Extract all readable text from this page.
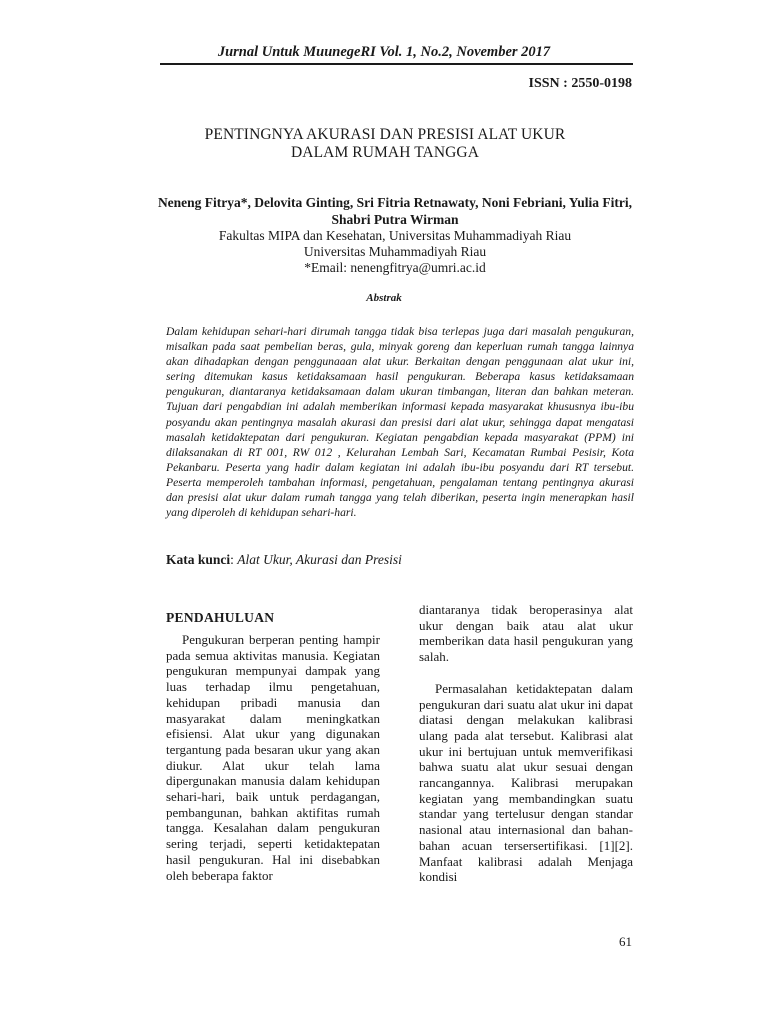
Jurnal Untuk MuunegeRI Vol. 1, No.2, November 2017
ISSN : 2550-0198
PENTINGNYA AKURASI DAN PRESISI ALAT UKUR
DALAM RUMAH TANGGA
Neneng Fitrya*, Delovita Ginting, Sri Fitria Retnawaty, Noni Febriani, Yulia Fitri, Shabri Putra Wirman
Fakultas MIPA dan Kesehatan, Universitas Muhammadiyah Riau
Universitas Muhammadiyah Riau
*Email: nenengfitrya@umri.ac.id
Abstrak
Dalam kehidupan sehari-hari dirumah tangga tidak bisa terlepas juga dari masalah pengukuran, misalkan pada saat pembelian beras, gula, minyak goreng dan keperluan rumah tangga lainnya akan dihadapkan dengan penggunaaan alat ukur. Berkaitan dengan penggunaan alat ukur ini, sering ditemukan kasus ketidaksamaan hasil pengukuran. Beberapa kasus ketidaksamaan pengukuran, diantaranya ketidaksamaan dalam ukuran timbangan, literan dan bahkan meteran. Tujuan dari pengabdian ini adalah memberikan informasi kepada masyarakat khususnya ibu-ibu posyandu akan pentingnya masalah akurasi dan presisi dari alat ukur, sehingga dapat mengatasi masalah ketidaktepatan dari pengukuran. Kegiatan pengabdian kepada masyarakat (PPM) ini dilaksanakan di RT 001, RW 012 , Kelurahan Lembah Sari, Kecamatan Rumbai Pesisir, Kota Pekanbaru. Peserta yang hadir dalam kegiatan ini adalah ibu-ibu posyandu dari RT tersebut. Peserta memperoleh tambahan informasi, pengetahuan, pengalaman tentang pentingnya akurasi dan presisi alat ukur dalam rumah tangga yang telah diberikan, peserta ingin menerapkan hasil yang diperoleh di kehidupan sehari-hari.
Kata kunci: Alat Ukur, Akurasi dan Presisi
PENDAHULUAN

Pengukuran berperan penting hampir pada semua aktivitas manusia. Kegiatan pengukuran mempunyai dampak yang luas terhadap ilmu pengetahuan, kehidupan pribadi manusia dan masyarakat dalam meningkatkan efisiensi. Alat ukur yang digunakan tergantung pada besaran ukur yang akan diukur. Alat ukur telah lama dipergunakan manusia dalam kehidupan sehari-hari, baik untuk perdagangan, pembangunan, bahkan aktifitas rumah tangga. Kesalahan dalam pengukuran sering terjadi, seperti ketidaktepatan hasil pengukuran. Hal ini disebabkan oleh beberapa faktor

diantaranya tidak beroperasinya alat ukur dengan baik atau alat ukur memberikan data hasil pengukuran yang salah.

Permasalahan ketidaktepatan dalam pengukuran dari suatu alat ukur ini dapat diatasi dengan melakukan kalibrasi ulang pada alat tersebut. Kalibrasi alat ukur ini bertujuan untuk memverifikasi bahwa suatu alat ukur sesuai dengan rancangannya. Kalibrasi merupakan kegiatan yang membandingkan suatu standar yang tertelusur dengan standar nasional atau internasional dan bahan-bahan acuan tersersertifikasi. [1][2]. Manfaat kalibrasi adalah Menjaga kondisi

61
